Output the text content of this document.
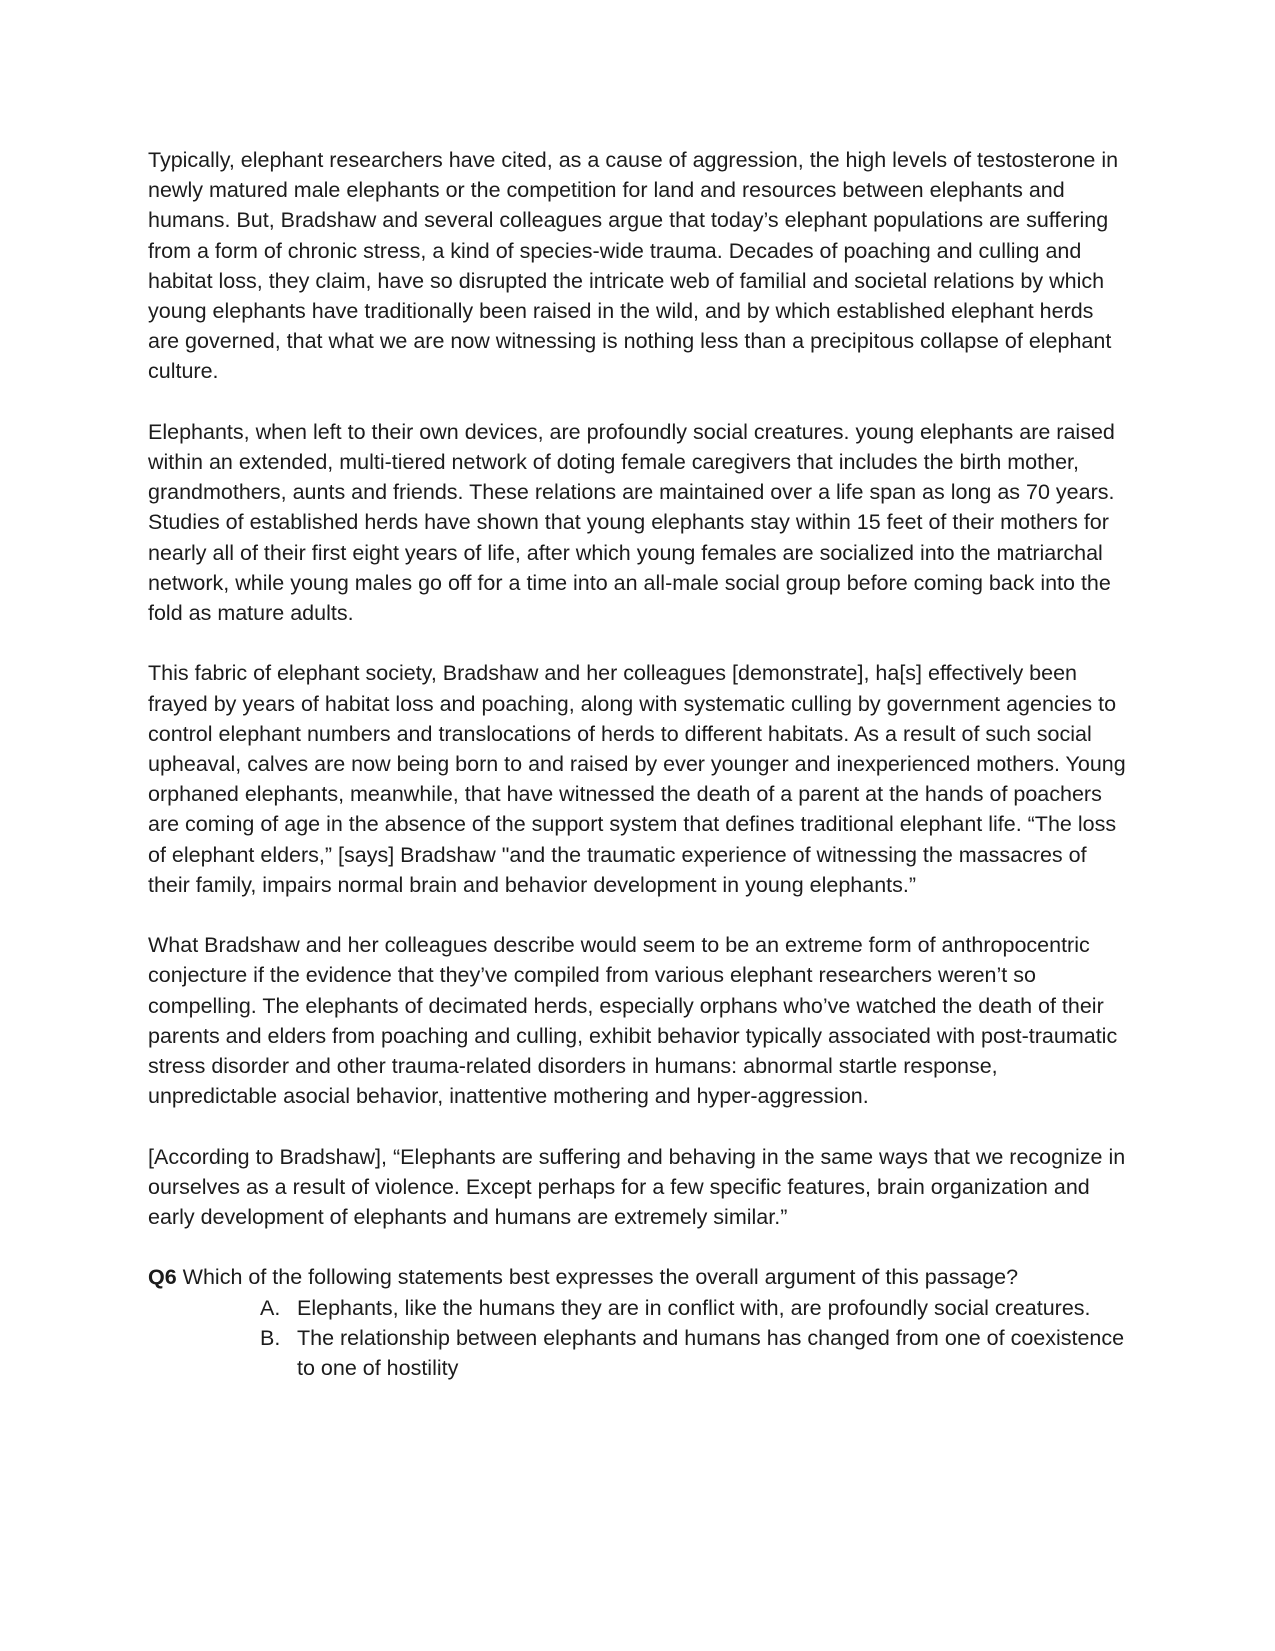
Typically, elephant researchers have cited, as a cause of aggression, the high levels of testosterone in newly matured male elephants or the competition for land and resources between elephants and humans. But, Bradshaw and several colleagues argue that today’s elephant populations are suffering from a form of chronic stress, a kind of species-wide trauma. Decades of poaching and culling and habitat loss, they claim, have so disrupted the intricate web of familial and societal relations by which young elephants have traditionally been raised in the wild, and by which established elephant herds are governed, that what we are now witnessing is nothing less than a precipitous collapse of elephant culture.

Elephants, when left to their own devices, are profoundly social creatures. young elephants are raised within an extended, multi-tiered network of doting female caregivers that includes the birth mother, grandmothers, aunts and friends. These relations are maintained over a life span as long as 70 years. Studies of established herds have shown that young elephants stay within 15 feet of their mothers for nearly all of their first eight years of life, after which young females are socialized into the matriarchal network, while young males go off for a time into an all-male social group before coming back into the fold as mature adults.

This fabric of elephant society, Bradshaw and her colleagues [demonstrate], ha[s] effectively been frayed by years of habitat loss and poaching, along with systematic culling by government agencies to control elephant numbers and translocations of herds to different habitats. As a result of such social upheaval, calves are now being born to and raised by ever younger and inexperienced mothers. Young orphaned elephants, meanwhile, that have witnessed the death of a parent at the hands of poachers are coming of age in the absence of the support system that defines traditional elephant life. “The loss of elephant elders,” [says] Bradshaw "and the traumatic experience of witnessing the massacres of their family, impairs normal brain and behavior development in young elephants.”

What Bradshaw and her colleagues describe would seem to be an extreme form of anthropocentric conjecture if the evidence that they’ve compiled from various elephant researchers weren’t so compelling. The elephants of decimated herds, especially orphans who’ve watched the death of their parents and elders from poaching and culling, exhibit behavior typically associated with post-traumatic stress disorder and other trauma-related disorders in humans: abnormal startle response, unpredictable asocial behavior, inattentive mothering and hyper-aggression.

[According to Bradshaw], “Elephants are suffering and behaving in the same ways that we recognize in ourselves as a result of violence. Except perhaps for a few specific features, brain organization and early development of elephants and humans are extremely similar.”

Q6 Which of the following statements best expresses the overall argument of this passage?

A. Elephants, like the humans they are in conflict with, are profoundly social creatures.
B. The relationship between elephants and humans has changed from one of coexistence to one of hostility
